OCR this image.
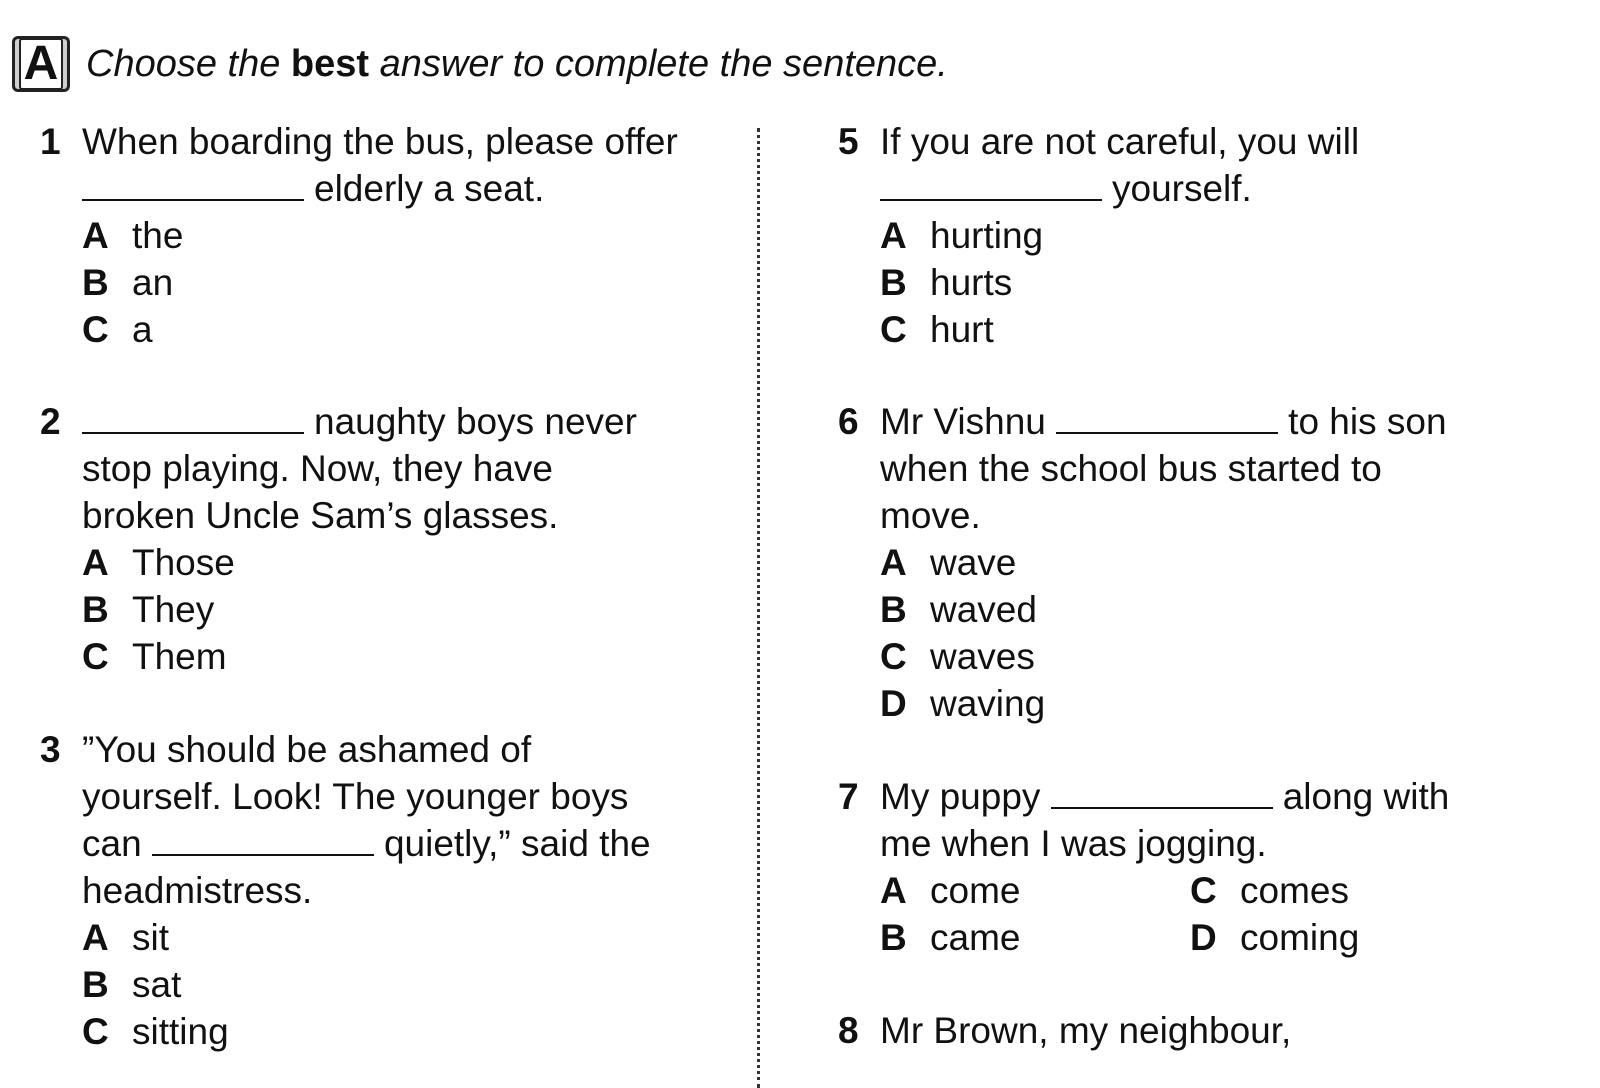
A Choose the best answer to complete the sentence.
1 When boarding the bus, please offer
elderly a seat.
A the
B an
C a
2	naughty boys never
stop playing. Now, they have
broken Uncle Sam’s glasses.
A Those
B They
C Them
3 ”You should be ashamed of
yourself. Look! The younger boys
can	quietly,” said the
headmistress.
A sit
B sat
C sitting
5 If you are not careful, you will
yourself.
A hurting
B hurts
C hurt
6 Mr Vishnu	to his son
when the school bus started to
move.
A wave
B waved
C waves
D waving
7 My puppy	along with
me when I was jogging.
A come	C comes
B came	D coming
8 Mr Brown, my neighbour,
